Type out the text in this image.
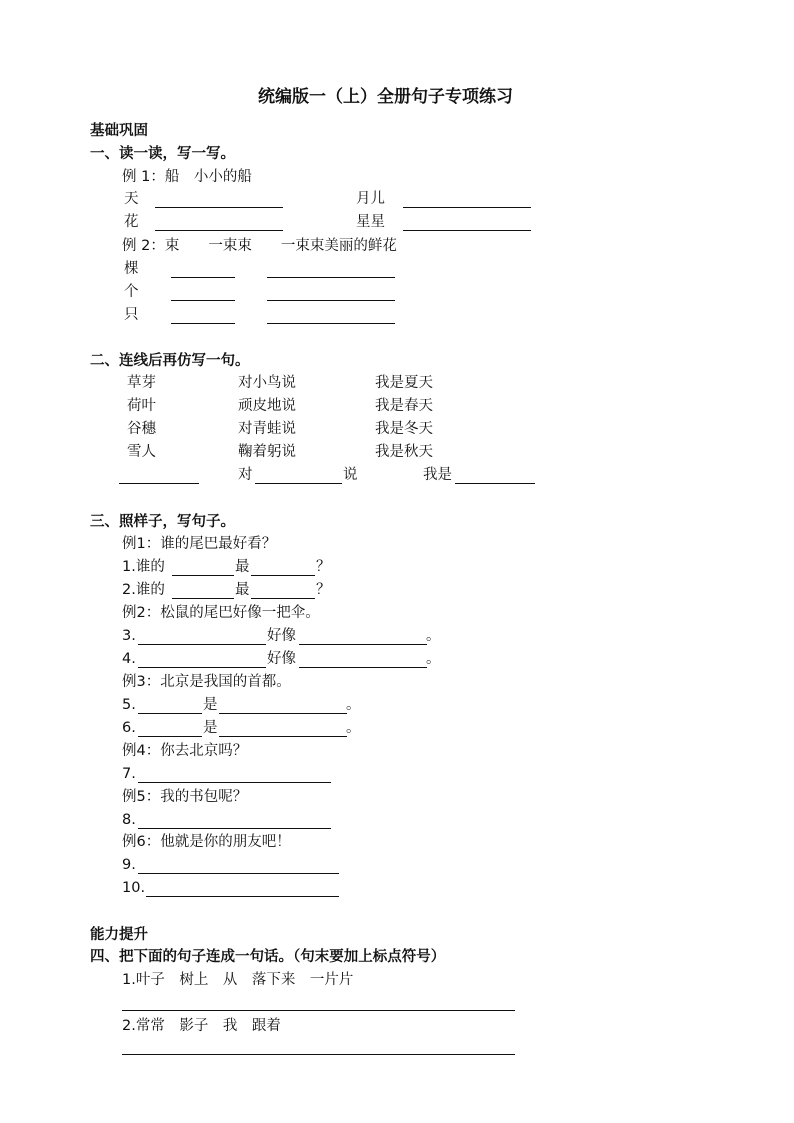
统编版一（上）全册句子专项练习
基础巩固
一、读一读，写一写。
例 1：船　小小的船
天	月儿
花	星星
例 2：束　　一束束　　一束束美丽的鲜花
棵
个
只
二、连线后再仿写一句。
草芽	对小鸟说	我是夏天
荷叶	顽皮地说	我是春天
谷穗	对青蛙说	我是冬天
雪人	鞠着躬说	我是秋天
对	说	我是
三、照样子，写句子。
例1：谁的尾巴最好看？
1.谁的	最	？
2.谁的	最	？
例2：松鼠的尾巴好像一把伞。
3.	好像	。
4.	好像	。
例3：北京是我国的首都。
5.	是	。
6.	是	。
例4：你去北京吗？
7.
例5：我的书包呢？
8.
例6：他就是你的朋友吧！
9.
10.
能力提升
四、把下面的句子连成一句话。（句末要加上标点符号）
1.叶子　树上　从　落下来　一片片
2.常常　影子　我　跟着
